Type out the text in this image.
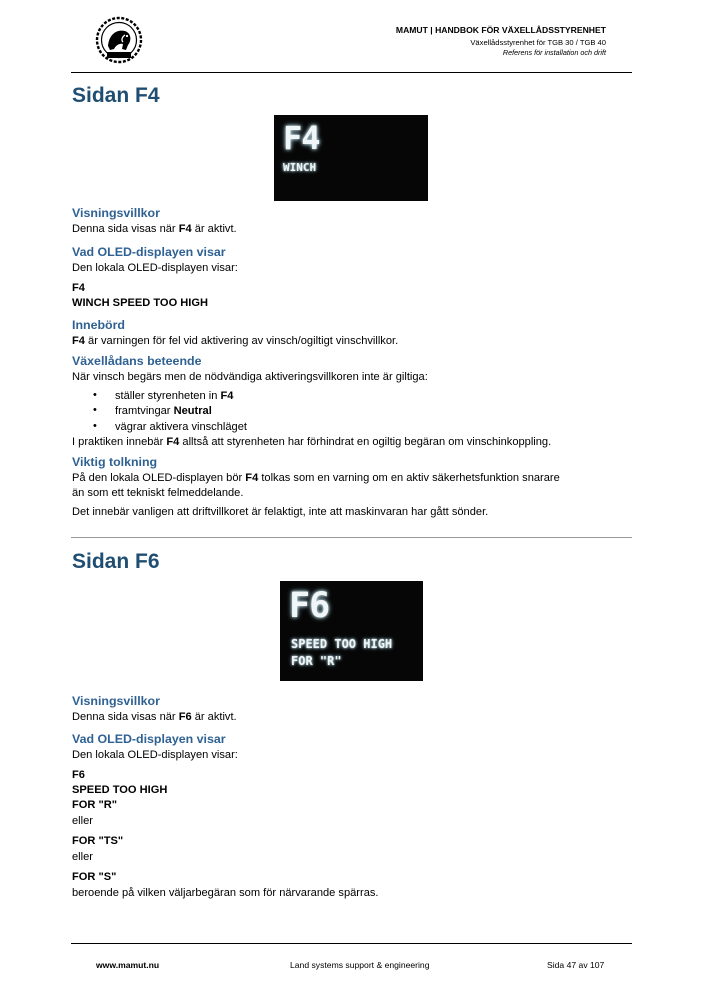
MAMUT | HANDBOK FÖR VÄXELLÅDSSTYRENHET
Växellådsstyrenhet för TGB 30 / TGB 40
Referens för installation och drift
Sidan F4
F4
WINCH
Visningsvillkor
Denna sida visas när F4 är aktivt.
Vad OLED-displayen visar
Den lokala OLED-displayen visar:
F4
WINCH SPEED TOO HIGH
Innebörd
F4 är varningen för fel vid aktivering av vinsch/ogiltigt vinschvillkor.
Växellådans beteende
När vinsch begärs men de nödvändiga aktiveringsvillkoren inte är giltiga:
• ställer styrenheten in F4
• framtvingar Neutral
• vägrar aktivera vinschläget
I praktiken innebär F4 alltså att styrenheten har förhindrat en ogiltig begäran om vinschinkoppling.
Viktig tolkning
På den lokala OLED-displayen bör F4 tolkas som en varning om en aktiv säkerhetsfunktion snarare
än som ett tekniskt felmeddelande.
Det innebär vanligen att driftvillkoret är felaktigt, inte att maskinvaran har gått sönder.
Sidan F6
F6
SPEED TOO HIGH
FOR "R"
Visningsvillkor
Denna sida visas när F6 är aktivt.
Vad OLED-displayen visar
Den lokala OLED-displayen visar:
F6
SPEED TOO HIGH
FOR "R"
eller
FOR "TS"
eller
FOR "S"
beroende på vilken väljarbegäran som för närvarande spärras.
www.mamut.nu	Land systems support & engineering	Sida 47 av 107
